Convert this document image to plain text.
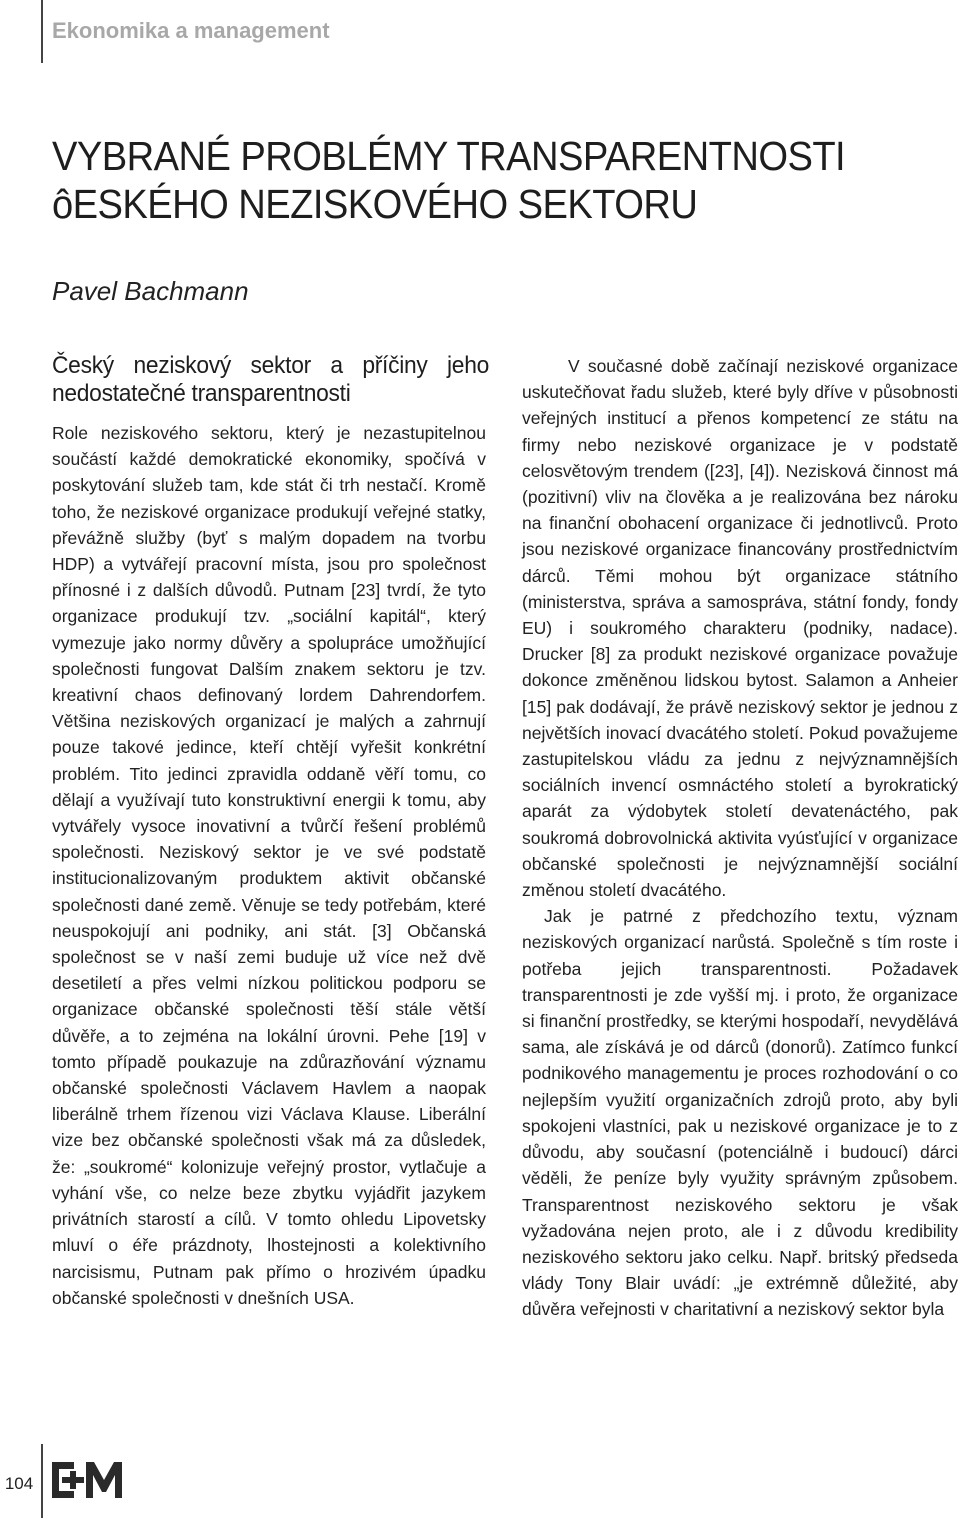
Ekonomika a management
VYBRANÉ PROBLÉMY TRANSPARENTNOSTI
ôESKÉHO NEZISKOVÉHO SEKTORU
Pavel Bachmann
Český neziskový sektor a příčiny jeho nedostatečné transparentnosti

Role neziskového sektoru, který je nezastupitelnou součástí každé demokratické ekonomiky, spočívá v poskytování služeb tam, kde stát či trh nestačí. Kromě toho, že neziskové organizace produkují veřejné statky, převážně služby (byť s malým dopadem na tvorbu HDP) a vytvářejí pracovní místa, jsou pro společnost přínosné i z dalších důvodů. Putnam [23] tvrdí, že tyto organizace produkují tzv. „sociální kapitál“, který vymezuje jako normy důvěry a spolupráce umožňující společnosti fungovat Dalším znakem sektoru je tzv. kreativní chaos definovaný lordem Dahrendorfem. Většina neziskových organizací je malých a zahrnují pouze takové jedince, kteří chtějí vyřešit konkrétní problém. Tito jedinci zpravidla oddaně věří tomu, co dělají a využívají tuto konstruktivní energii k tomu, aby vytvářely vysoce inovativní a tvůrčí řešení problémů společnosti. Neziskový sektor je ve své podstatě institucionalizovaným produktem aktivit občanské společnosti dané země. Věnuje se tedy potřebám, které neuspokojují ani podniky, ani stát. [3] Občanská společnost se v naší zemi buduje už více než dvě desetiletí a přes velmi nízkou politickou podporu se organizace občanské společnosti těší stále větší důvěře, a to zejména na lokální úrovni. Pehe [19] v tomto případě poukazuje na zdůrazňování významu občanské společnosti Václavem Havlem a naopak liberálně trhem řízenou vizi Václava Klause. Liberální vize bez občanské společnosti však má za důsledek, že: „soukromé“ kolonizuje veřejný prostor, vytlačuje a vyhání vše, co nelze beze zbytku vyjádřit jazykem privátních starostí a cílů. V tomto ohledu Lipovetsky mluví o éře prázdnoty, lhostejnosti a kolektivního narcisismu, Putnam pak přímo o hrozivém úpadku občanské společnosti v dnešních USA.

V současné době začínají neziskové organizace uskutečňovat řadu služeb, které byly dříve v působnosti veřejných institucí a přenos kompetencí ze státu na firmy nebo neziskové organizace je v podstatě celosvětovým trendem ([23], [4]). Nezisková činnost má (pozitivní) vliv na člověka a je realizována bez nároku na finanční obohacení organizace či jednotlivců. Proto jsou neziskové organizace financovány prostřednictvím dárců. Těmi mohou být organizace státního (ministerstva, správa a samospráva, státní fondy, fondy EU) i soukromého charakteru (podniky, nadace). Drucker [8] za produkt neziskové organizace považuje dokonce změněnou lidskou bytost. Salamon a Anheier [15] pak dodávají, že právě neziskový sektor je jednou z největších inovací dvacátého století. Pokud považujeme zastupitelskou vládu za jednu z nejvýznamnějších sociálních invencí osmnáctého století a byrokratický aparát za výdobytek století devatenáctého, pak soukromá dobrovolnická aktivita vyúsťující v organizace občanské společnosti je nejvýznamnější sociální změnou století dvacátého.

Jak je patrné z předchozího textu, význam neziskových organizací narůstá. Společně s tím roste i potřeba jejich transparentnosti. Požadavek transparentnosti je zde vyšší mj. i proto, že organizace si finanční prostředky, se kterými hospodaří, nevydělává sama, ale získává je od dárců (donorů). Zatímco funkcí podnikového managementu je proces rozhodování o co nejlepším využití organizačních zdrojů proto, aby byli spokojeni vlastníci, pak u neziskové organizace je to z důvodu, aby současní (potenciálně i budoucí) dárci věděli, že peníze byly využity správným způsobem. Transparentnost neziskového sektoru je však vyžadována nejen proto, ale i z důvodu kredibility neziskového sektoru jako celku. Např. britský předseda vlády Tony Blair uvádí: „je extrémně důležité, aby důvěra veřejnosti v charitativní a neziskový sektor byla

104
